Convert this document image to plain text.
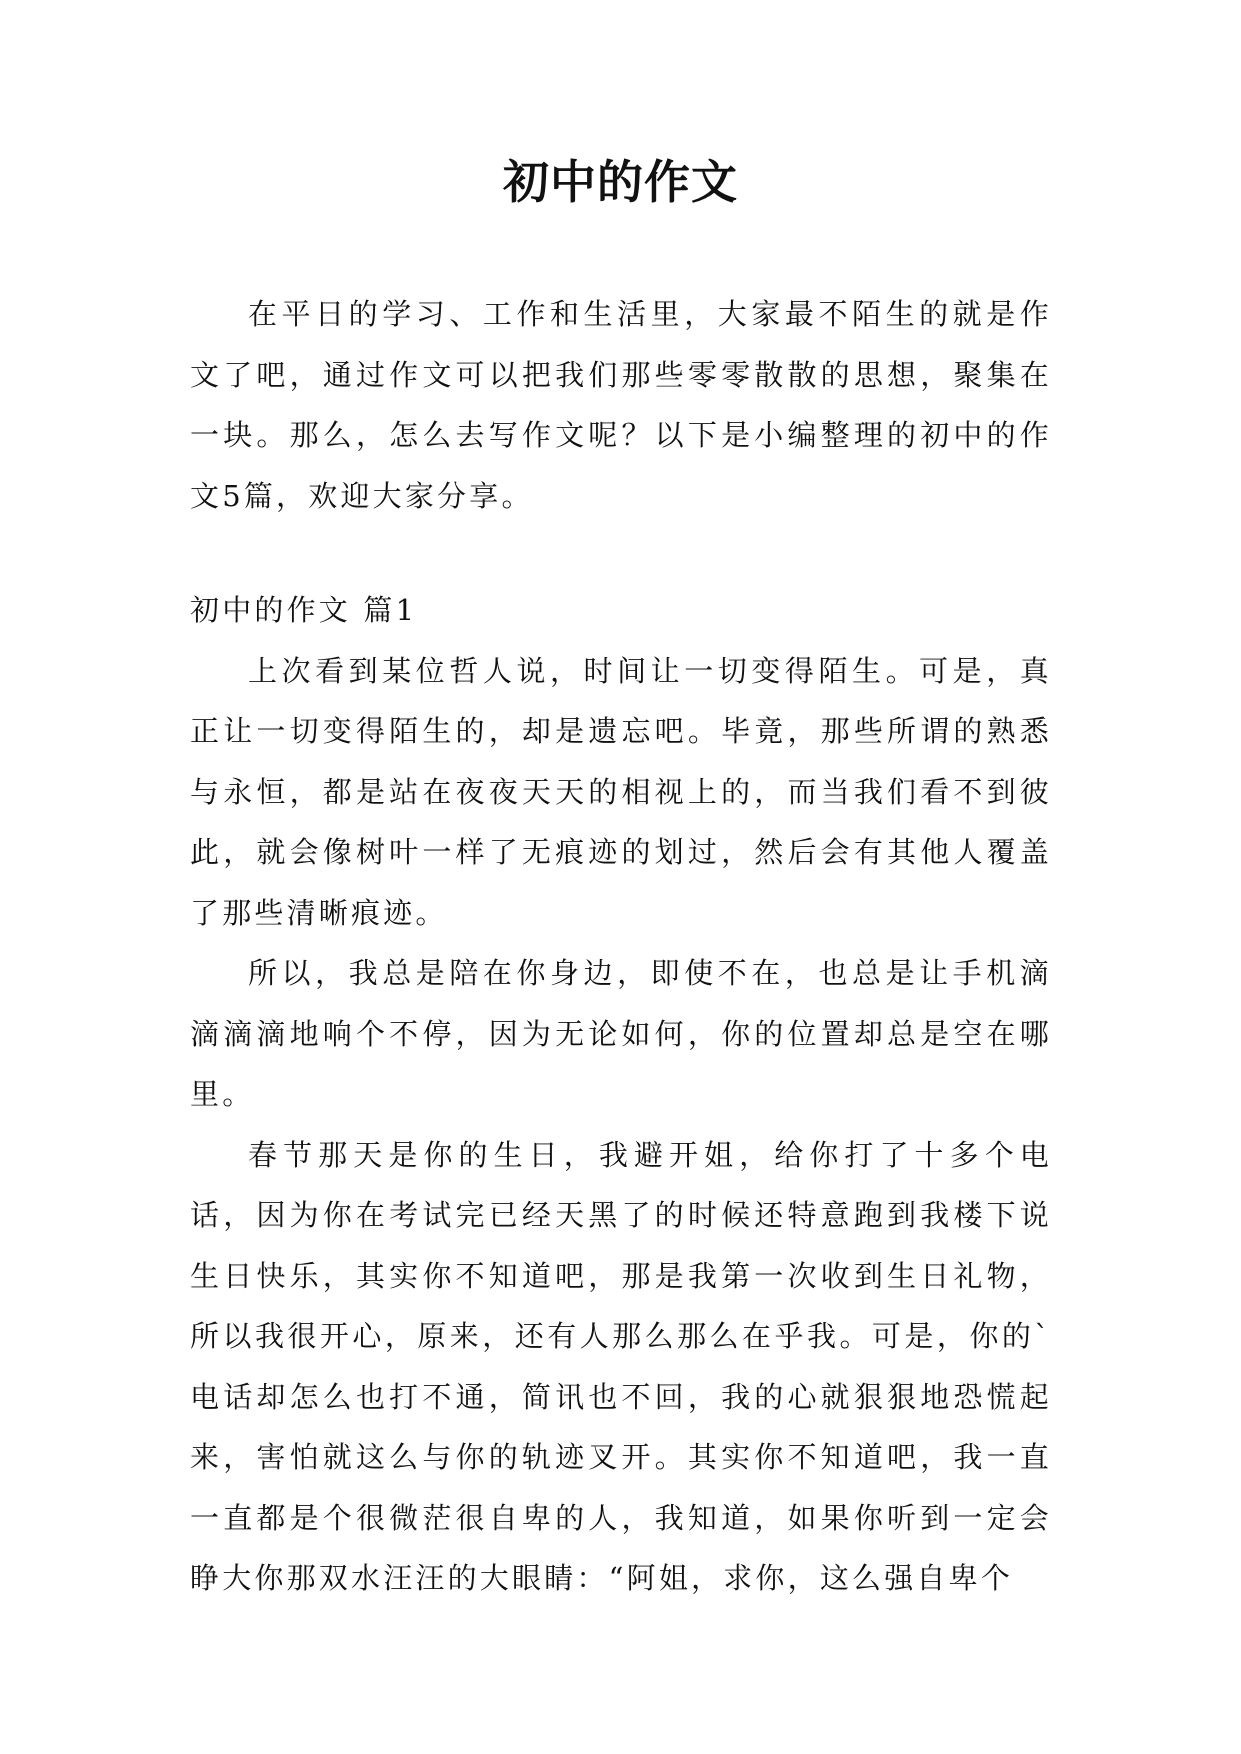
初中的作文

在平日的学习、工作和生活里，大家最不陌生的就是作文了吧，通过作文可以把我们那些零零散散的思想，聚集在一块。那么，怎么去写作文呢？以下是小编整理的初中的作文5篇，欢迎大家分享。

初中的作文 篇1

上次看到某位哲人说，时间让一切变得陌生。可是，真正让一切变得陌生的，却是遗忘吧。毕竟，那些所谓的熟悉与永恒，都是站在夜夜天天的相视上的，而当我们看不到彼此，就会像树叶一样了无痕迹的划过，然后会有其他人覆盖了那些清晰痕迹。

所以，我总是陪在你身边，即使不在，也总是让手机滴滴滴滴地响个不停，因为无论如何，你的位置却总是空在哪里。

春节那天是你的生日，我避开姐，给你打了十多个电话，因为你在考试完已经天黑了的时候还特意跑到我楼下说生日快乐，其实你不知道吧，那是我第一次收到生日礼物，所以我很开心，原来，还有人那么那么在乎我。可是，你的`电话却怎么也打不通，简讯也不回，我的心就狠狠地恐慌起来，害怕就这么与你的轨迹叉开。其实你不知道吧，我一直一直都是个很微茫很自卑的人，我知道，如果你听到一定会睁大你那双水汪汪的大眼睛：“阿姐，求你，这么强自卑个
